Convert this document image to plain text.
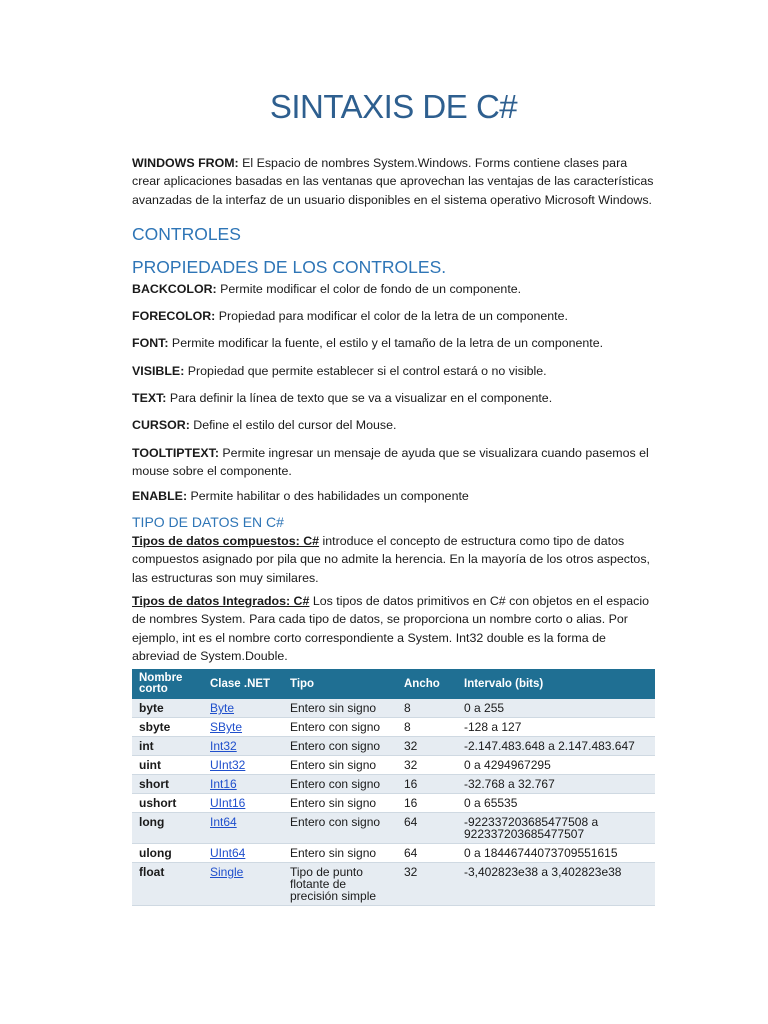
SINTAXIS DE C#
WINDOWS FROM: El Espacio de nombres System.Windows. Forms contiene clases para crear aplicaciones basadas en las ventanas que aprovechan las ventajas de las características avanzadas de la interfaz de un usuario disponibles en el sistema operativo Microsoft Windows.
CONTROLES
PROPIEDADES DE LOS CONTROLES.
BACKCOLOR: Permite modificar el color de fondo de un componente.
FORECOLOR: Propiedad para modificar el color de la letra de un componente.
FONT: Permite modificar la fuente, el estilo y el tamaño de la letra de un componente.
VISIBLE: Propiedad que permite establecer si el control estará o no visible.
TEXT: Para definir la línea de texto que se va a visualizar en el componente.
CURSOR: Define el estilo del cursor del Mouse.
TOOLTIPTEXT: Permite ingresar un mensaje de ayuda que se visualizara cuando pasemos el mouse sobre el componente.
ENABLE: Permite habilitar o des habilidades un componente
TIPO DE DATOS EN C#
Tipos de datos compuestos: C# introduce el concepto de estructura como tipo de datos compuestos asignado por pila que no admite la herencia. En la mayoría de los otros aspectos, las estructuras son muy similares.
Tipos de datos Integrados: C# Los tipos de datos primitivos en C# con objetos en el espacio de nombres System. Para cada tipo de datos, se proporciona un nombre corto o alias. Por ejemplo, int es el nombre corto correspondiente a System. Int32 double es la forma de abreviad de System.Double.
Nombre corto	Clase .NET	Tipo	Ancho	Intervalo (bits)
byte	Byte	Entero sin signo	8	0 a 255
sbyte	SByte	Entero con signo	8	-128 a 127
int	Int32	Entero con signo	32	-2.147.483.648 a 2.147.483.647
uint	UInt32	Entero sin signo	32	0 a 4294967295
short	Int16	Entero con signo	16	-32.768 a 32.767
ushort	UInt16	Entero sin signo	16	0 a 65535
long	Int64	Entero con signo	64	-922337203685477508 a 922337203685477507
ulong	UInt64	Entero sin signo	64	0 a 18446744073709551615
float	Single	Tipo de punto flotante de precisión simple	32	-3,402823e38 a 3,402823e38
